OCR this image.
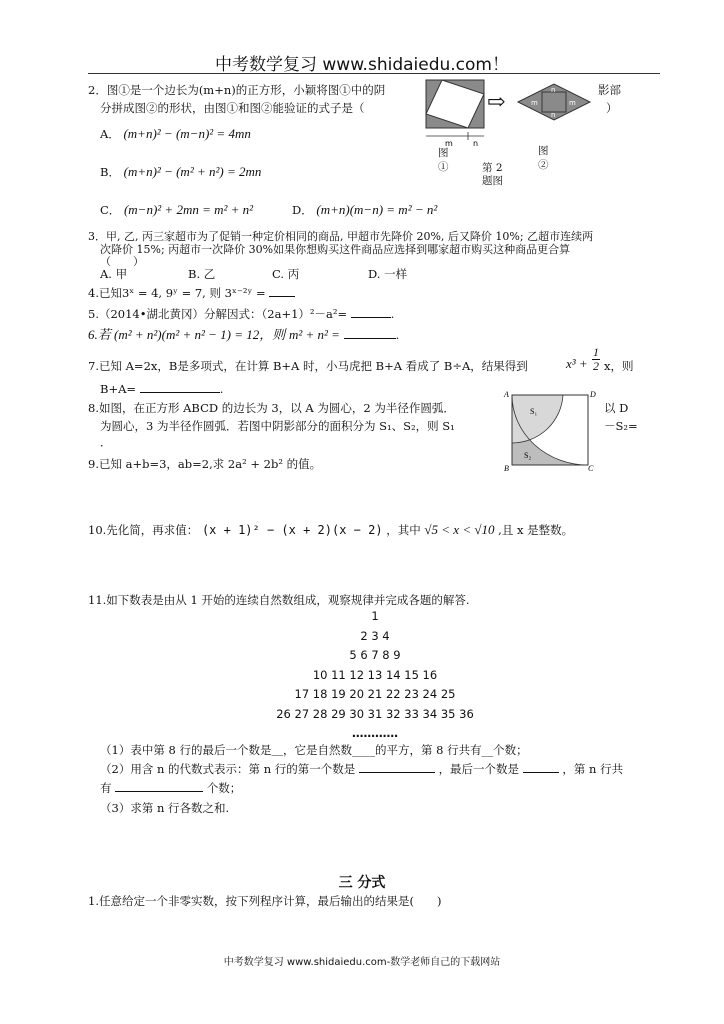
中考数学复习 www.shidaiedu.com！
2．图①是一个边长为(m+n)的正方形，小颖将图①中的阴	影部
分拼成图②的形状，由图①和图②能验证的式子是（	）
A． (m+n)² − (m−n)² = 4mn
B． (m+n)² − (m² + n²) = 2mn
C． (m−n)² + 2mn = m² + n²	D． (m+n)(m−n) = m² − n²
m	n
⇨	n
m	m
n
图①	第 2 题图
图②
3．甲, 乙, 丙三家超市为了促销一种定价相同的商品, 甲超市先降价 20%, 后又降价 10%; 乙超市连续两
次降价 15%; 丙超市一次降价 30%如果你想购买这件商品应选择到哪家超市购买这种商品更合算
（　　）
A. 甲	B. 乙	C. 丙	D. 一样
4.已知3ˣ = 4, 9ʸ = 7, 则 3ˣ⁻²ʸ =
5.（2014•湖北黄冈）分解因式：（2a+1）²－a²=	.
6.若 (m² + n²)(m² + n² − 1) = 12，则 m² + n² =	.
7.已知 A=2x，B是多项式，在计算 B+A 时，小马虎把 B+A 看成了 B÷A，结果得到	$x^3 + \frac{1}{2}$ x，则
B+A=	.
8.如图，在正方形 ABCD 的边长为 3，以 A 为圆心，2 为半径作圆弧．	以 D
为圆心，3 为半径作圆弧．若图中阴影部分的面积分为 S₁、S₂，则 S₁	－S₂=
．
A	D
B	C
S₁
S₂
9.已知 a+b=3，ab=2,求 2a² + 2b² 的值。
10.先化简，再求值： (x + 1)² − (x + 2)(x − 2) ，其中 √5 < x < √10 ,且 x 是整数。
11.如下数表是由从 1 开始的连续自然数组成，观察规律并完成各题的解答.
1
2 3 4
5 6 7 8 9
10 11 12 13 14 15 16
17 18 19 20 21 22 23 24 25
26 27 28 29 30 31 32 33 34 35 36
…………
（1）表中第 8 行的最后一个数是＿，它是自然数____的平方，第 8 行共有__个数；
（2）用含 n 的代数式表示：第 n 行的第一个数是	，最后一个数是	，第 n 行共
有	个数；
（3）求第 n 行各数之和.
三 分式
1.任意给定一个非零实数，按下列程序计算，最后输出的结果是(　　)
中考数学复习 www.shidaiedu.com-数学老师自己的下载网站
